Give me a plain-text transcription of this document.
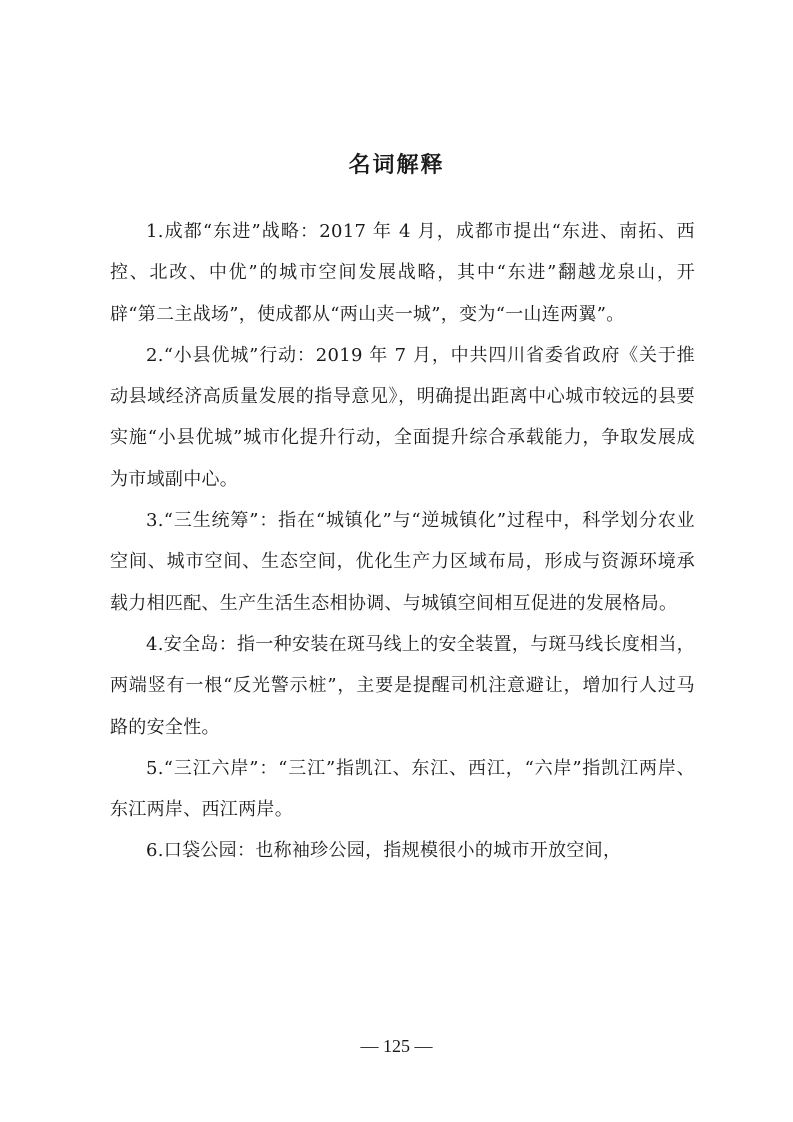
名词解释

1.成都“东进”战略：2017 年 4 月，成都市提出“东进、南拓、西控、北改、中优”的城市空间发展战略，其中“东进”翻越龙泉山，开辟“第二主战场”，使成都从“两山夹一城”，变为“一山连两翼”。

2.“小县优城”行动：2019 年 7 月，中共四川省委省政府《关于推动县域经济高质量发展的指导意见》，明确提出距离中心城市较远的县要实施“小县优城”城市化提升行动，全面提升综合承载能力，争取发展成为市域副中心。

3.“三生统筹”：指在“城镇化”与“逆城镇化”过程中，科学划分农业空间、城市空间、生态空间，优化生产力区域布局，形成与资源环境承载力相匹配、生产生活生态相协调、与城镇空间相互促进的发展格局。

4.安全岛：指一种安装在斑马线上的安全装置，与斑马线长度相当，两端竖有一根“反光警示桩”，主要是提醒司机注意避让，增加行人过马路的安全性。

5.“三江六岸”：“三江”指凯江、东江、西江，“六岸”指凯江两岸、东江两岸、西江两岸。

6.口袋公园：也称袖珍公园，指规模很小的城市开放空间，

— 125 —
